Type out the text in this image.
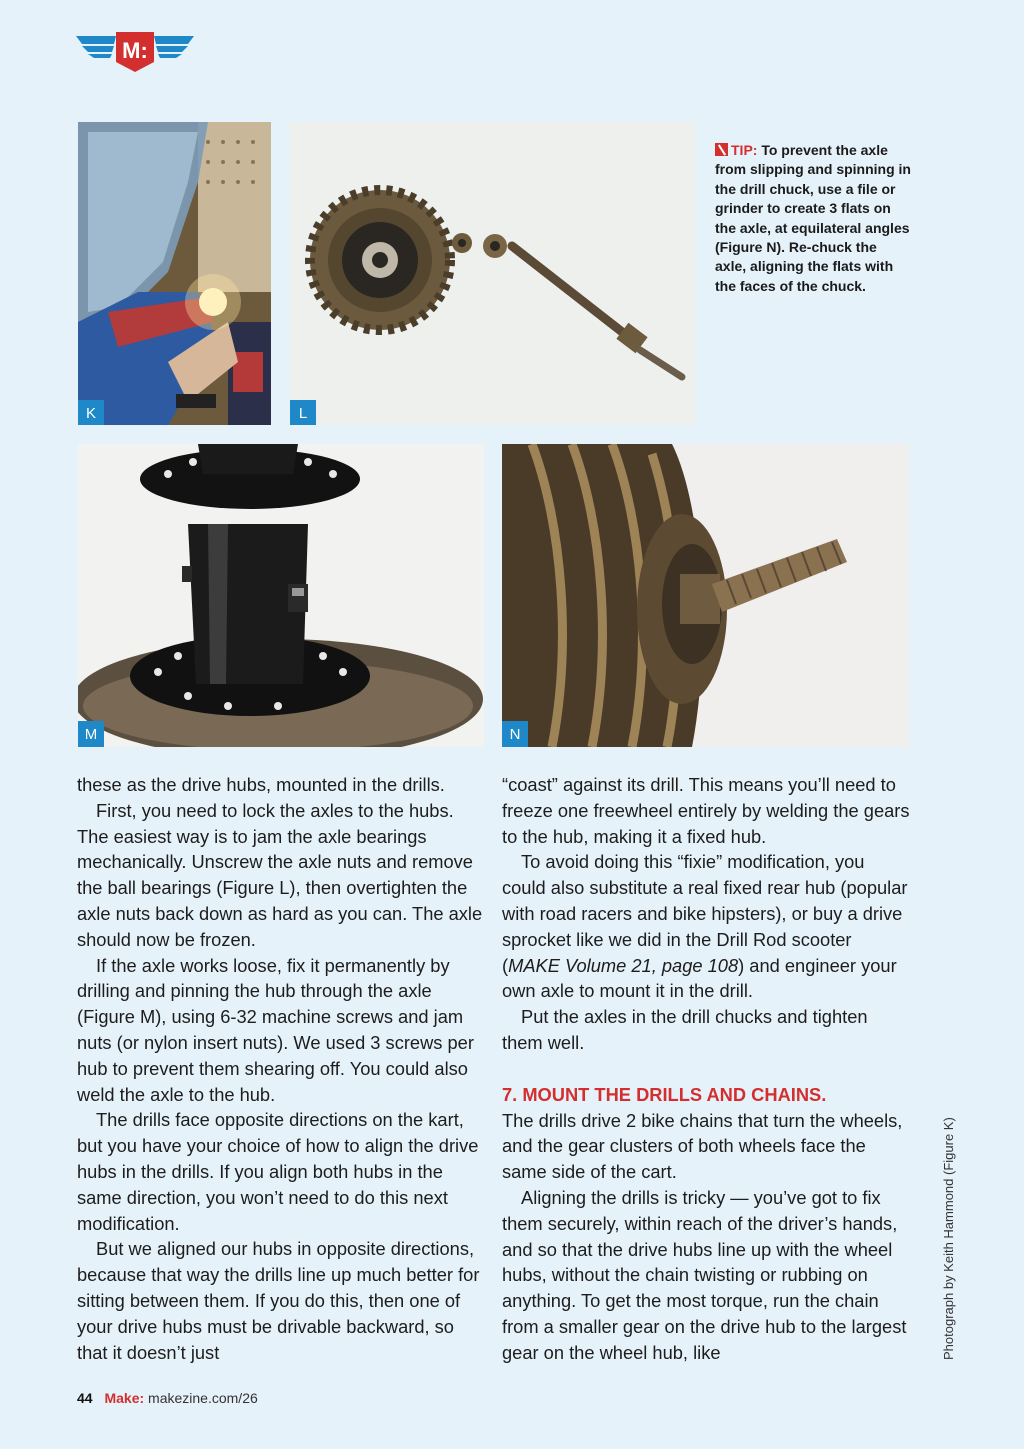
M:
K	L
TIP: To prevent the axle from slipping and spinning in the drill chuck, use a file or grinder to create 3 flats on the axle, at equilateral angles (Figure N). Re-chuck the axle, aligning the flats with the faces of the chuck.
M	N

these as the drive hubs, mounted in the drills.

First, you need to lock the axles to the hubs. The easiest way is to jam the axle bearings mechanically. Unscrew the axle nuts and remove the ball bearings (Figure L), then overtighten the axle nuts back down as hard as you can. The axle should now be frozen.

If the axle works loose, fix it permanently by drilling and pinning the hub through the axle (Figure M), using 6-32 machine screws and jam nuts (or nylon insert nuts). We used 3 screws per hub to prevent them shearing off. You could also weld the axle to the hub.

The drills face opposite directions on the kart, but you have your choice of how to align the drive hubs in the drills. If you align both hubs in the same direction, you won’t need to do this next modification.

But we aligned our hubs in opposite directions, because that way the drills line up much better for sitting between them. If you do this, then one of your drive hubs must be drivable backward, so that it doesn’t just

“coast” against its drill. This means you’ll need to freeze one freewheel entirely by welding the gears to the hub, making it a fixed hub.

To avoid doing this “fixie” modification, you could also substitute a real fixed rear hub (popular with road racers and bike hipsters), or buy a drive sprocket like we did in the Drill Rod scooter (MAKE Volume 21, page 108) and engineer your own axle to mount it in the drill.

Put the axles in the drill chucks and tighten them well.

7. MOUNT THE DRILLS AND CHAINS.

The drills drive 2 bike chains that turn the wheels, and the gear clusters of both wheels face the same side of the cart.

Aligning the drills is tricky — you’ve got to fix them securely, within reach of the driver’s hands, and so that the drive hubs line up with the wheel hubs, without the chain twisting or rubbing on anything. To get the most torque, run the chain from a smaller gear on the drive hub to the largest gear on the wheel hub, like	Photograph by Keith Hammond (Figure K)
44 Make: makezine.com/26
